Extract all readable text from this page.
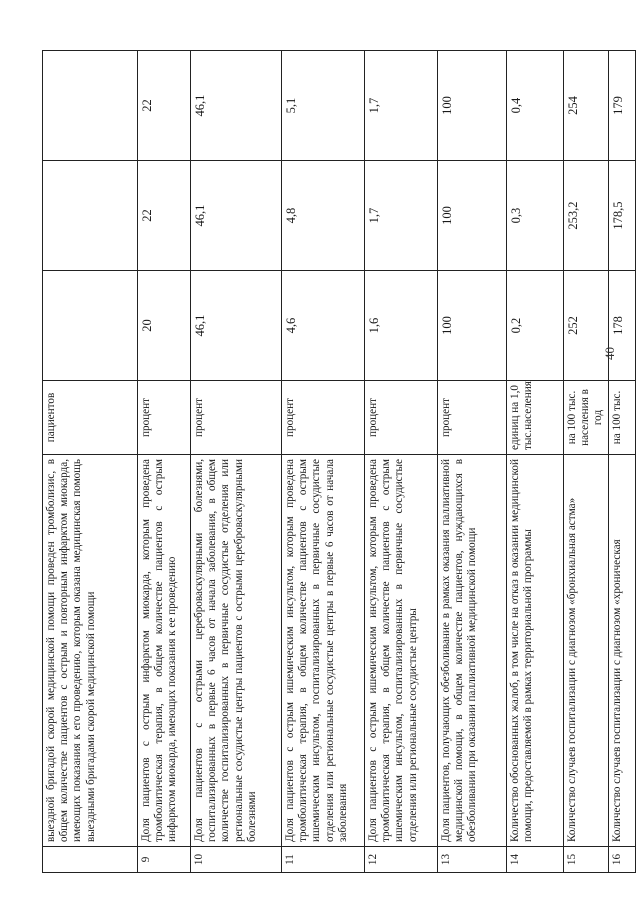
	выездной бригадой скорой медицинской помощи проведен тромболизис, в общем количестве пациентов с острым и повторным инфарктом миокарда, имеющих показания к его проведению, которым оказана медицинская помощь выездными бригадами скорой медицинской помощи	пациентов			
9	Доля пациентов с острым инфарктом миокарда, которым проведена тромболитическая терапия, в общем количестве пациентов с острым инфарктом миокарда, имеющих показания к ее проведению	процент	20	22	22
10	Доля пациентов с острыми цереброваскулярными болезнями, госпитализированных в первые 6 часов от начала заболевания, в общем количестве госпитализированных в первичные сосудистые отделения или региональные сосудистые центры пациентов с острыми цереброваскулярными болезнями	процент	46,1	46,1	46,1
11	Доля пациентов с острым ишемическим инсультом, которым проведена тромболитическая терапия, в общем количестве пациентов с острым ишемическим инсультом, госпитализированных в первичные сосудистые отделения или региональные сосудистые центры в первые 6 часов от начала заболевания	процент	4,6	4,8	5,1
12	Доля пациентов с острым ишемическим инсультом, которым проведена тромболитическая терапия, в общем количестве пациентов с острым ишемическим инсультом, госпитализированных в первичные сосудистые отделения или региональные сосудистые центры	процент	1,6	1,7	1,7
13	Доля пациентов, получающих обезболивание в рамках оказания паллиативной медицинской помощи, в общем количестве пациентов, нуждающихся в обезболивании при оказании паллиативной медицинской помощи	процент	100	100	100
14	Количество обоснованных жалоб, в том числе на отказ в оказании медицинской помощи, предоставляемой в рамках территориальной программы	единиц на 1,0 тыс.населения	0,2	0,3	0,4
15	Количество случаев госпитализации с диагнозом «бронхиальная астма»	на 100 тыс. населения в год	252	253,2	254
16	Количество случаев госпитализации с диагнозом «хроническая	на 100 тыс.	178	178,5	179
40
